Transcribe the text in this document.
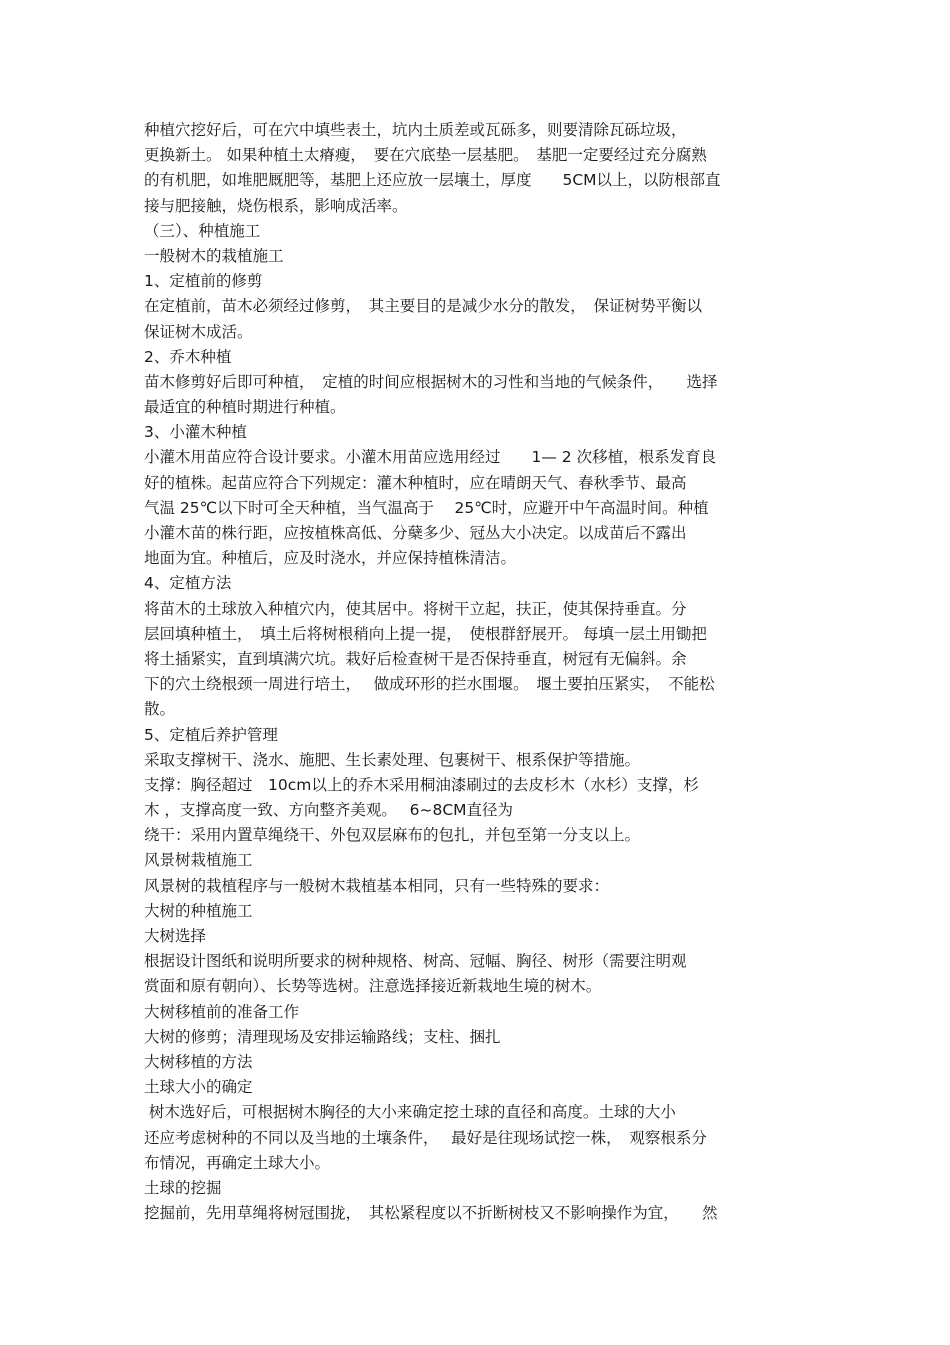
种植穴挖好后，可在穴中填些表土，坑内土质差或瓦砾多，则要清除瓦砾垃圾，
更换新土。 如果种植土太瘠瘦，　要在穴底垫一层基肥。　基肥一定要经过充分腐熟
的有机肥，如堆肥厩肥等，基肥上还应放一层壤土，厚度　　5CM以上，以防根部直
接与肥接触，烧伤根系，影响成活率。
（三）、种植施工
一般树木的栽植施工
1、定植前的修剪
在定植前，苗木必须经过修剪，　其主要目的是减少水分的散发，　保证树势平衡以
保证树木成活。
2、乔木种植
苗木修剪好后即可种植，　定植的时间应根据树木的习性和当地的气候条件，　　选择
最适宜的种植时期进行种植。
3、小灌木种植
小灌木用苗应符合设计要求。小灌木用苗应选用经过　　1— 2 次移植，根系发育良
好的植株。起苗应符合下列规定：灌木种植时，应在晴朗天气、春秋季节、最高
气温 25℃以下时可全天种植，当气温高于　 25℃时，应避开中午高温时间。种植
小灌木苗的株行距，应按植株高低、分蘖多少、冠丛大小决定。以成苗后不露出
地面为宜。种植后，应及时浇水，并应保持植株清洁。
4、定植方法
将苗木的土球放入种植穴内，使其居中。将树干立起，扶正，使其保持垂直。分
层回填种植土，　填土后将树根稍向上提一提，　使根群舒展开。 每填一层土用锄把
将土插紧实，直到填满穴坑。栽好后检查树干是否保持垂直，树冠有无偏斜。余
下的穴土绕根颈一周进行培土，　 做成环形的拦水围堰。　堰土要拍压紧实，　不能松
散。
5、定植后养护管理
采取支撑树干、浇水、施肥、生长素处理、包裹树干、根系保护等措施。
支撑：胸径超过　10cm以上的乔木采用桐油漆刷过的去皮杉木（水杉）支撑，杉
木 ，支撑高度一致、方向整齐美观。　 6~8CM直径为
绕干：采用内置草绳绕干、外包双层麻布的包扎，并包至第一分支以上。
风景树栽植施工
风景树的栽植程序与一般树木栽植基本相同，只有一些特殊的要求：
大树的种植施工
大树选择
根据设计图纸和说明所要求的树种规格、树高、冠幅、胸径、树形（需要注明观
赏面和原有朝向）、长势等选树。注意选择接近新栽地生境的树木。
大树移植前的准备工作
大树的修剪；清理现场及安排运输路线；支柱、捆扎
大树移植的方法
土球大小的确定
树木选好后，可根据树木胸径的大小来确定挖土球的直径和高度。土球的大小
还应考虑树种的不同以及当地的土壤条件，　 最好是往现场试挖一株，　观察根系分
布情况，再确定土球大小。
土球的挖掘
挖掘前，先用草绳将树冠围拢，　其松紧程度以不折断树枝又不影响操作为宜，　　然
